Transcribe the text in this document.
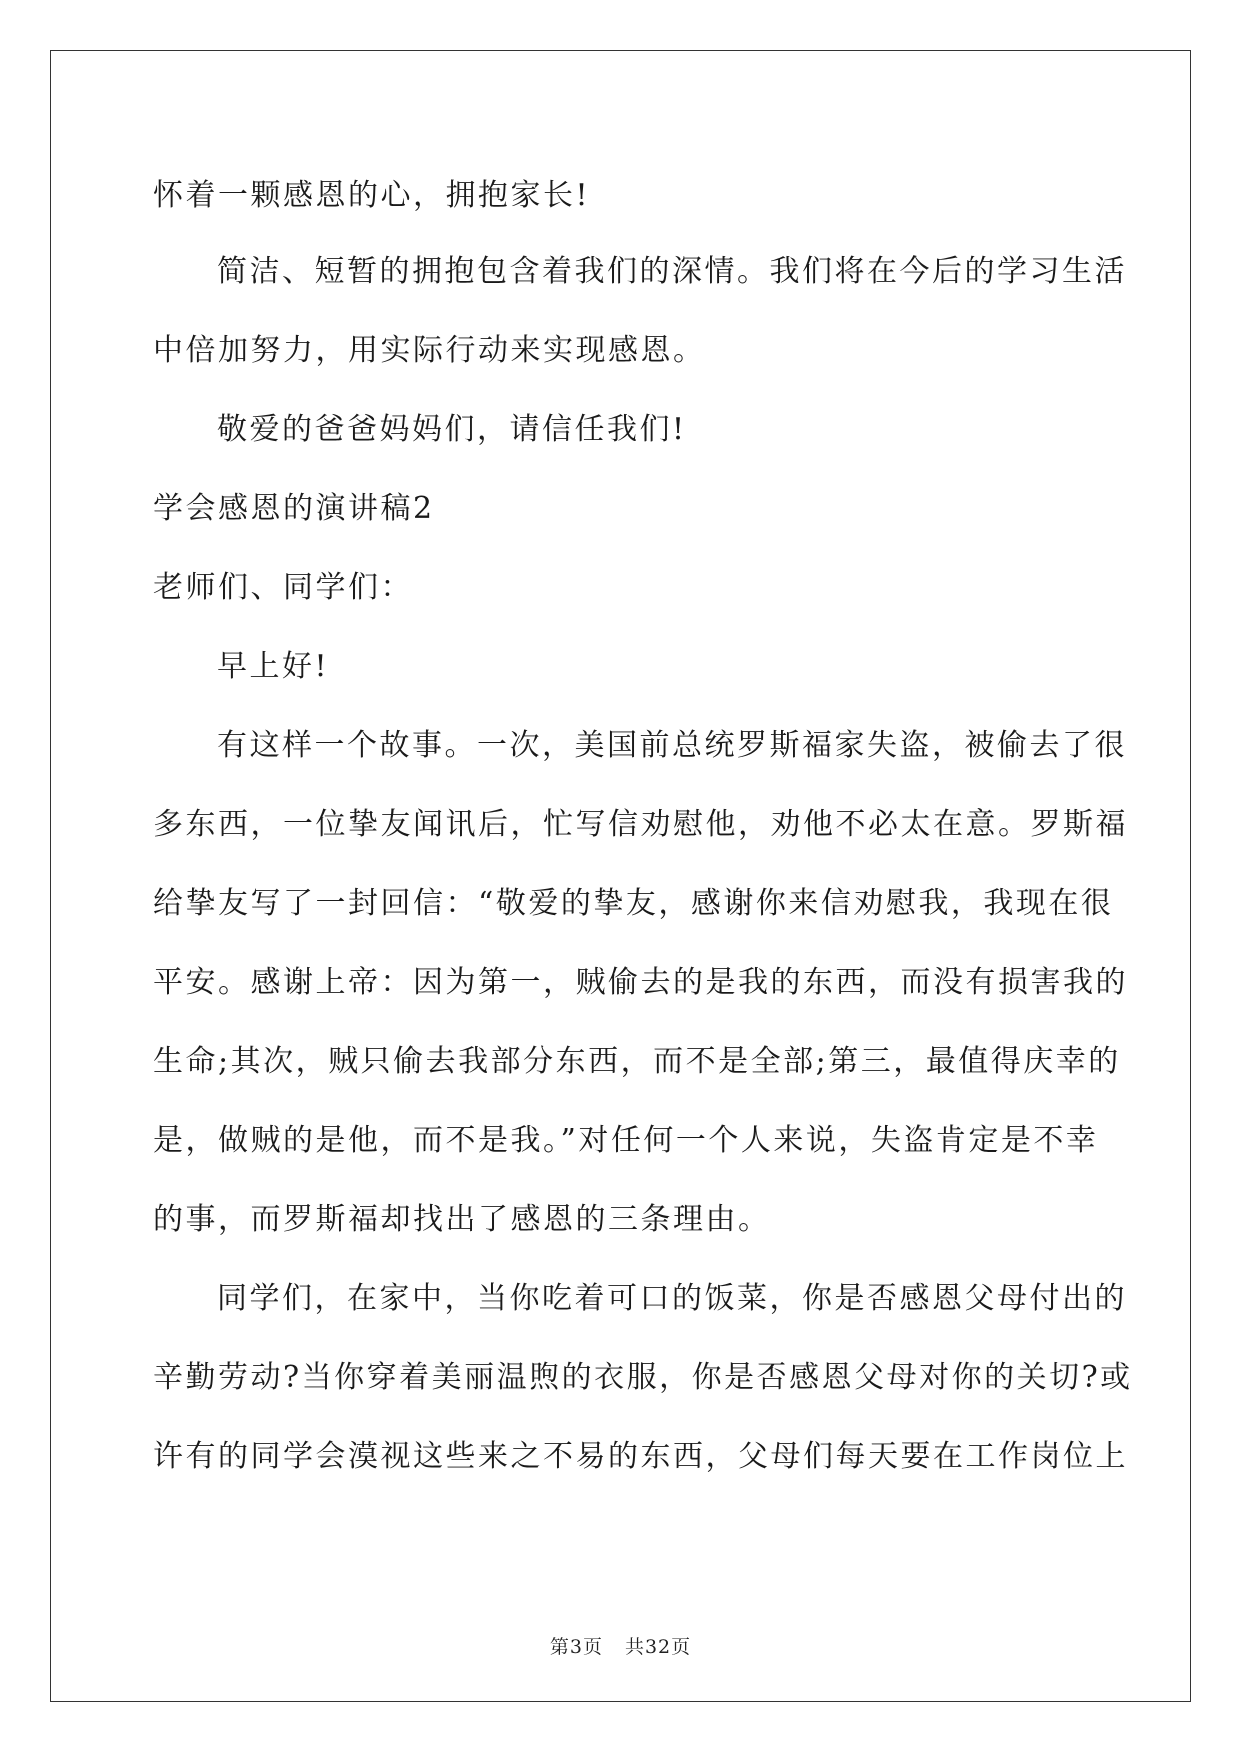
怀着一颗感恩的心，拥抱家长!
简洁、短暂的拥抱包含着我们的深情。我们将在今后的学习生活
中倍加努力，用实际行动来实现感恩。
敬爱的爸爸妈妈们，请信任我们!
学会感恩的演讲稿2
老师们、同学们：
早上好!
有这样一个故事。一次，美国前总统罗斯福家失盗，被偷去了很
多东西，一位挚友闻讯后，忙写信劝慰他，劝他不必太在意。罗斯福
给挚友写了一封回信：“敬爱的挚友，感谢你来信劝慰我，我现在很
平安。感谢上帝：因为第一，贼偷去的是我的东西，而没有损害我的
生命;其次，贼只偷去我部分东西，而不是全部;第三，最值得庆幸的
是，做贼的是他，而不是我。”对任何一个人来说，失盗肯定是不幸
的事，而罗斯福却找出了感恩的三条理由。
同学们，在家中，当你吃着可口的饭菜，你是否感恩父母付出的
辛勤劳动?当你穿着美丽温煦的衣服，你是否感恩父母对你的关切?或
许有的同学会漠视这些来之不易的东西，父母们每天要在工作岗位上
第3页 共32页
